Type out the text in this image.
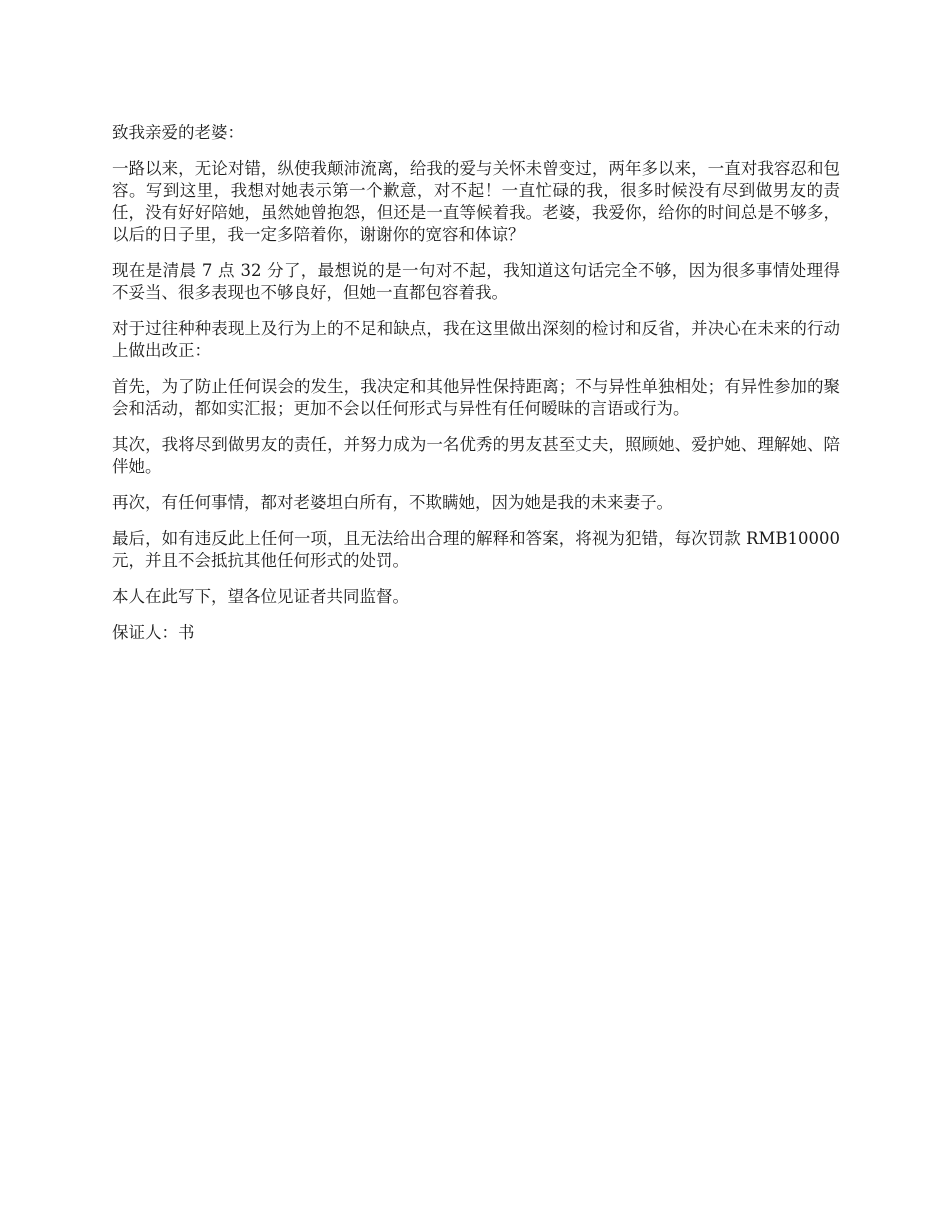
致我亲爱的老婆：

一路以来，无论对错，纵使我颠沛流离，给我的爱与关怀未曾变过，两年多以来，一直对我容忍和包容。写到这里，我想对她表示第一个歉意，对不起！一直忙碌的我，很多时候没有尽到做男友的责任，没有好好陪她，虽然她曾抱怨，但还是一直等候着我。老婆，我爱你，给你的时间总是不够多，以后的日子里，我一定多陪着你，谢谢你的宽容和体谅？

现在是清晨 7 点 32 分了，最想说的是一句对不起，我知道这句话完全不够，因为很多事情处理得不妥当、很多表现也不够良好，但她一直都包容着我。

对于过往种种表现上及行为上的不足和缺点，我在这里做出深刻的检讨和反省，并决心在未来的行动上做出改正：

首先，为了防止任何误会的发生，我决定和其他异性保持距离；不与异性单独相处；有异性参加的聚会和活动，都如实汇报；更加不会以任何形式与异性有任何暧昧的言语或行为。

其次，我将尽到做男友的责任，并努力成为一名优秀的男友甚至丈夫，照顾她、爱护她、理解她、陪伴她。

再次，有任何事情，都对老婆坦白所有，不欺瞒她，因为她是我的未来妻子。

最后，如有违反此上任何一项，且无法给出合理的解释和答案，将视为犯错，每次罚款 RMB10000 元，并且不会抵抗其他任何形式的处罚。

本人在此写下，望各位见证者共同监督。

保证人：书
